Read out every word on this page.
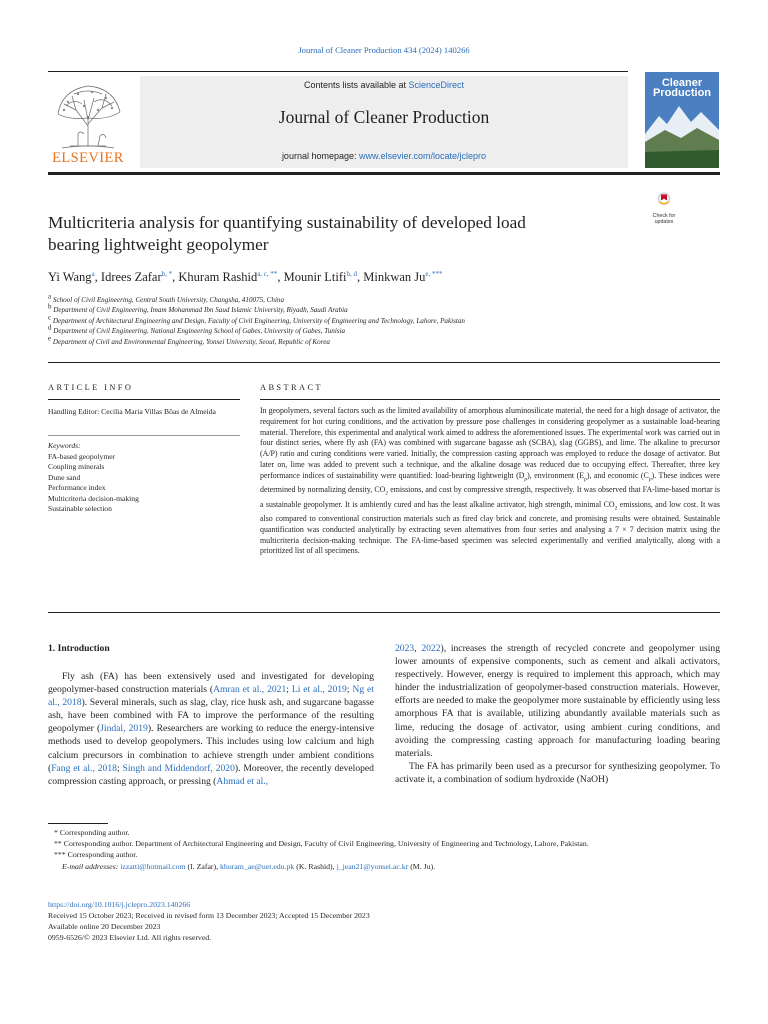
Journal of Cleaner Production 434 (2024) 140266
ELSEVIER
Contents lists available at ScienceDirect
Journal of Cleaner Production
journal homepage: www.elsevier.com/locate/jclepro
Cleaner
Production
Check for
updates
Multicriteria analysis for quantifying sustainability of developed load
bearing lightweight geopolymer
Yi Wang$^a$, Idrees Zafar$^{b, *}$, Khuram Rashid$^{a, c, **}$, Mounir Ltifi$^{b, d}$, Minkwan $Ju^{e, ***}$
$^a$ School of Civil Engineering, Central South University, Changsha, 410075, China
$^b$ Department of Civil Engineering, Imam Mohammad Ibn Saud Islamic University, Riyadh, Saudi Arabia
$^c$ Department of Architectural Engineering and Design, Faculty of Civil Engineering, University of Engineering and Technology, Lahore, Pakistan
$^d$ Department of Civil Engineering, National Engineering School of Gabes, University of Gabes, Tunisia
$^e$ Department of Civil and Environmental Engineering, Yonsei University, Seoul, Republic of Korea
ARTICLE INFO
Handling Editor: Cecilia Maria Villas Bôas de Almeida
Keywords:
FA-based geopolymer
Coupling minerals
Dune sand
Performance index
Multicriteria decision-making
Sustainable selection
ABSTRACT
In geopolymers, several factors such as the limited availability of amorphous aluminosilicate material, the need for a high dosage of activator, the requirement for hot curing conditions, and the activation by pressure pose challenges in considering geopolymer as a sustainable load-bearing material. Therefore, this experimental and analytical work aimed to address the aforementioned issues. The experimental work was carried out in four distinct series, where fly ash (FA) was combined with sugarcane bagasse ash (SCBA), slag (GGBS), and lime. The alkaline to precursor (A/P) ratio and curing conditions were varied. Initially, the compression casting approach was employed to reduce the dosage of activator. But later on, lime was added to prevent such a technique, and the alkaline dosage was reduced due to occupying effect. Thereafter, three key performance indices of sustainability were quantified: load-bearing lightweight $(D_p)$, environment $(E_p)$, and economic $(C_p)$. These indices were determined by normalizing density, $CO_2$ emissions, and cost by compressive strength, respectively. It was observed that FA-lime-based mortar is a sustainable geopolymer. It is ambiently cured and has the least alkaline activator, high strength, minimal $CO_2$ emissions, and low cost. It was also compared to conventional construction materials such as fired clay brick and concrete, and promising results were obtained. Sustainable quantification was conducted analytically by extracting seven alternatives from four series and analysing a 7 × 7 decision matrix using the multicriteria decision-making technique. The FA-lime-based specimen was selected experimentally and verified analytically, along with a prioritized list of all specimens.
1. Introduction

Fly ash (FA) has been extensively used and investigated for developing geopolymer-based construction materials (Amran et al., 2021; Li et al., 2019; Ng et al., 2018). Several minerals, such as slag, clay, rice husk ash, and sugarcane bagasse ash, have been combined with FA to improve the performance of the resulting geopolymer (Jindal, 2019). Researchers are working to reduce the energy-intensive methods used to develop geopolymers. This includes using low calcium and high calcium precursors in combination to achieve strength under ambient conditions (Fang et al., 2018; Singh and Middendorf, 2020). Moreover, the recently developed compression casting approach, or pressing (Ahmad et al.,

2023, 2022), increases the strength of recycled concrete and geopolymer using lower amounts of expensive components, such as cement and alkali activators, respectively. However, energy is required to implement this approach, which may hinder the industrialization of geopolymer-based construction materials. However, efforts are needed to make the geopolymer more sustainable by efficiently using less amorphous FA that is available, utilizing abundantly available materials such as lime, reducing the dosage of activator, using ambient curing conditions, and avoiding the compressing casting approach for manufacturing loading bearing materials.

The FA has primarily been used as a precursor for synthesizing geopolymer. To activate it, a combination of sodium hydroxide (NaOH)

* Corresponding author.
** Corresponding author. Department of Architectural Engineering and Design, Faculty of Civil Engineering, University of Engineering and Technology, Lahore, Pakistan.
*** Corresponding author.
E-mail addresses: izzatti@hotmail.com (I. Zafar), khuram_ae@uet.edu.pk (K. Rashid), j_jean21@yonsei.ac.kr (M. Ju).
https://doi.org/10.1016/j.jclepro.2023.140266
Received 15 October 2023; Received in revised form 13 December 2023; Accepted 15 December 2023
Available online 20 December 2023
0959-6526/© 2023 Elsevier Ltd. All rights reserved.
